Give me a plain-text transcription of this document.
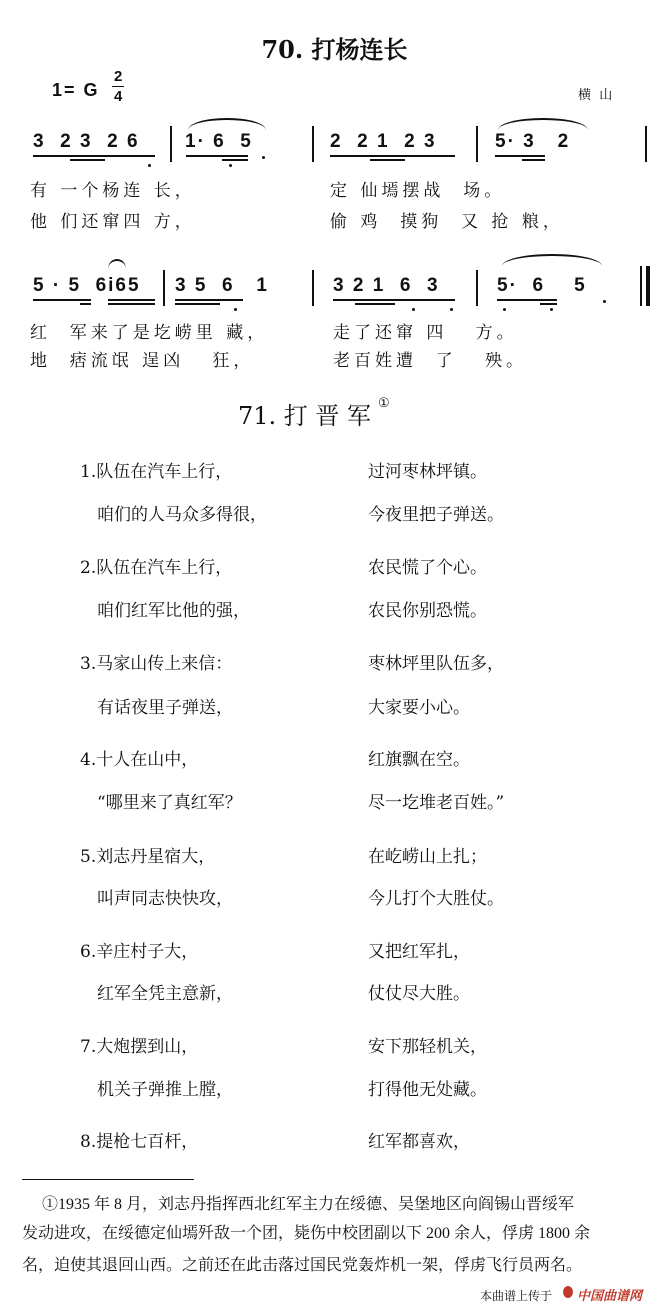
70. 打杨连长
1= G
2
4	横  山
3  2 3  2 6 1· 6  5	2  2 1  2 3	5· 3   2
有 一个杨连 长，	定 仙墕摆战  场。
他 们还窜四 方，	偷 鸡  摸狗  又 抢 粮，
5 · 5  6i65 3 5  6   1	3 2 1  6  3	5·  6    5
红  军来了是圪崂里 藏，	走了还窜 四   方。
地  痞流氓 逞凶   狂，	老百姓遭  了   殃。
71. 打 晋 军 ①
1.队伍在汽车上行，	过河枣林坪镇。
咱们的人马众多得很，	今夜里把子弹送。
2.队伍在汽车上行，	农民慌了个心。
咱们红军比他的强，	农民你别恐慌。
3.马家山传上来信：	枣林坪里队伍多，
有话夜里子弹送，	大家要小心。
4.十人在山中，	红旗飘在空。
“哪里来了真红军？	尽一圪堆老百姓。”
5.刘志丹星宿大，	在屹崂山上扎；
叫声同志快快攻，	今儿打个大胜仗。
6.辛庄村子大，	又把红军扎，
红军全凭主意新，	仗仗尽大胜。
7.大炮摆到山，	安下那轻机关，
机关子弹推上膛，	打得他无处藏。
8.提枪七百杆，	红军都喜欢，
①1935 年 8 月，刘志丹指挥西北红军主力在绥德、吴堡地区向阎锡山晋绥军
发动进攻，在绥德定仙墕歼敌一个团，毙伤中校团副以下 200 余人，俘虏 1800 余
名，迫使其退回山西。之前还在此击落过国民党轰炸机一架，俘虏飞行员两名。
本曲谱上传于 中国曲谱网
